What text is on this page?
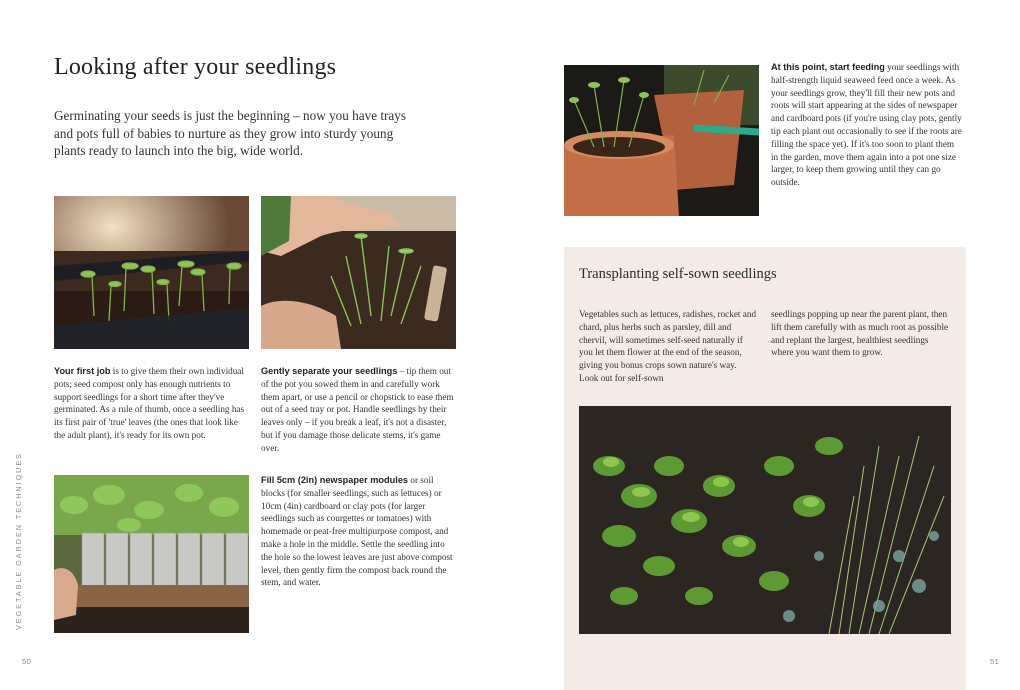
Looking after your seedlings
Germinating your seeds is just the beginning – now you have trays and pots full of babies to nurture as they grow into sturdy young plants ready to launch into the big, wide world.
Your first job is to give them their own individual pots; seed compost only has enough nutrients to support seedlings for a short time after they've germinated. As a rule of thumb, once a seedling has its first pair of 'true' leaves (the ones that look like the adult plant), it's ready for its own pot.
Gently separate your seedlings – tip them out of the pot you sowed them in and carefully work them apart, or use a pencil or chopstick to ease them out of a seed tray or pot. Handle seedlings by their leaves only – if you break a leaf, it's not a disaster, but if you damage those delicate stems, it's game over.
Fill 5cm (2in) newspaper modules or soil blocks (for smaller seedlings, such as lettuces) or 10cm (4in) cardboard or clay pots (for larger seedlings such as courgettes or tomatoes) with homemade or peat-free multipurpose compost, and make a hole in the middle. Settle the seedling into the hole so the lowest leaves are just above compost level, then gently firm the compost back round the stem, and water.
VEGETABLE GARDEN TECHNIQUES
50
At this point, start feeding your seedlings with half-strength liquid seaweed feed once a week. As your seedlings grow, they'll fill their new pots and roots will start appearing at the sides of newspaper and cardboard pots (if you're using clay pots, gently tip each plant out occasionally to see if the roots are filling the space yet). If it's too soon to plant them in the garden, move them again into a pot one size larger, to keep them growing until they can go outside.
Transplanting self-sown seedlings
Vegetables such as lettuces, radishes, rocket and chard, plus herbs such as parsley, dill and chervil, will sometimes self-seed naturally if you let them flower at the end of the season, giving you bonus crops sown nature's way. Look out for self-sown
seedlings popping up near the parent plant, then lift them carefully with as much root as possible and replant the largest, healthiest seedlings where you want them to grow.
51
